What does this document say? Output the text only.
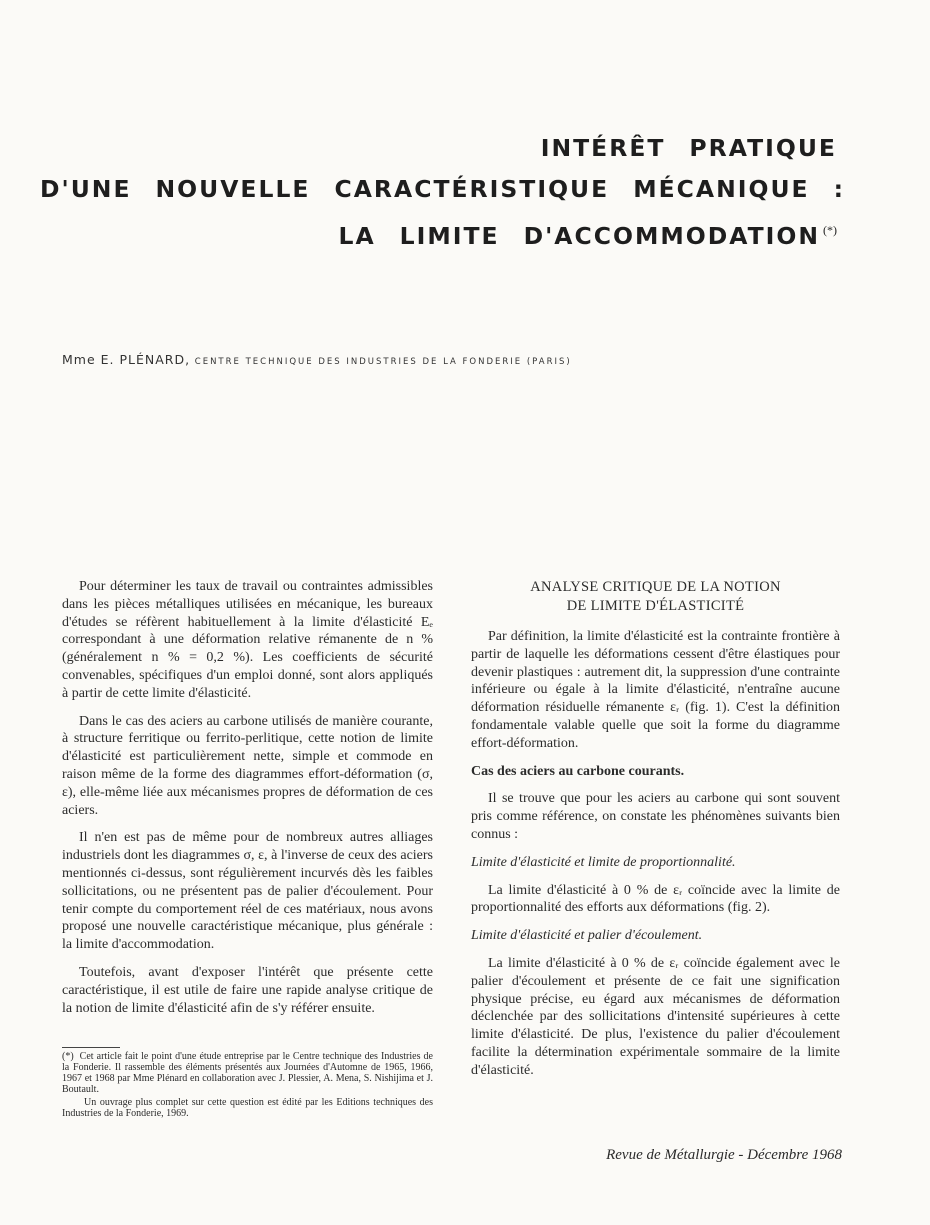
INTÉRÊT PRATIQUE
D'UNE NOUVELLE CARACTÉRISTIQUE MÉCANIQUE :
LA LIMITE D'ACCOMMODATION (*)
Mme E. PLÉNARD, CENTRE TECHNIQUE DES INDUSTRIES DE LA FONDERIE (PARIS)

Pour déterminer les taux de travail ou contraintes admissibles dans les pièces métalliques utilisées en mécanique, les bureaux d'études se réfèrent habituellement à la limite d'élasticité Eₑ correspondant à une déformation relative rémanente de n % (généralement n % = 0,2 %). Les coefficients de sécurité convenables, spécifiques d'un emploi donné, sont alors appliqués à partir de cette limite d'élasticité.

Dans le cas des aciers au carbone utilisés de manière courante, à structure ferritique ou ferrito-perlitique, cette notion de limite d'élasticité est particulièrement nette, simple et commode en raison même de la forme des diagrammes effort-déformation (σ, ε), elle-même liée aux mécanismes propres de déformation de ces aciers.

Il n'en est pas de même pour de nombreux autres alliages industriels dont les diagrammes σ, ε, à l'inverse de ceux des aciers mentionnés ci-dessus, sont régulièrement incurvés dès les faibles sollicitations, ou ne présentent pas de palier d'écoulement. Pour tenir compte du comportement réel de ces matériaux, nous avons proposé une nouvelle caractéristique mécanique, plus générale : la limite d'accommodation.

Toutefois, avant d'exposer l'intérêt que présente cette caractéristique, il est utile de faire une rapide analyse critique de la notion de limite d'élasticité afin de s'y référer ensuite.

(*) Cet article fait le point d'une étude entreprise par le Centre technique des Industries de la Fonderie. Il rassemble des éléments présentés aux Journées d'Automne de 1965, 1966, 1967 et 1968 par Mme Plénard en collaboration avec J. Plessier, A. Mena, S. Nishijima et J. Boutault.

Un ouvrage plus complet sur cette question est édité par les Editions techniques des Industries de la Fonderie, 1969.

ANALYSE CRITIQUE DE LA NOTION
DE LIMITE D'ÉLASTICITÉ

Par définition, la limite d'élasticité est la contrainte frontière à partir de laquelle les déformations cessent d'être élastiques pour devenir plastiques : autrement dit, la suppression d'une contrainte inférieure ou égale à la limite d'élasticité, n'entraîne aucune déformation résiduelle rémanente εᵣ (fig. 1). C'est la définition fondamentale valable quelle que soit la forme du diagramme effort-déformation.

Cas des aciers au carbone courants.

Il se trouve que pour les aciers au carbone qui sont souvent pris comme référence, on constate les phénomènes suivants bien connus :

Limite d'élasticité et limite de proportionnalité.

La limite d'élasticité à 0 % de εᵣ coïncide avec la limite de proportionnalité des efforts aux déformations (fig. 2).

Limite d'élasticité et palier d'écoulement.

La limite d'élasticité à 0 % de εᵣ coïncide également avec le palier d'écoulement et présente de ce fait une signification physique précise, eu égard aux mécanismes de déformation déclenchée par des sollicitations d'intensité supérieures à cette limite d'élasticité. De plus, l'existence du palier d'écoulement facilite la détermination expérimentale sommaire de la limite d'élasticité.

Revue de Métallurgie - Décembre 1968
